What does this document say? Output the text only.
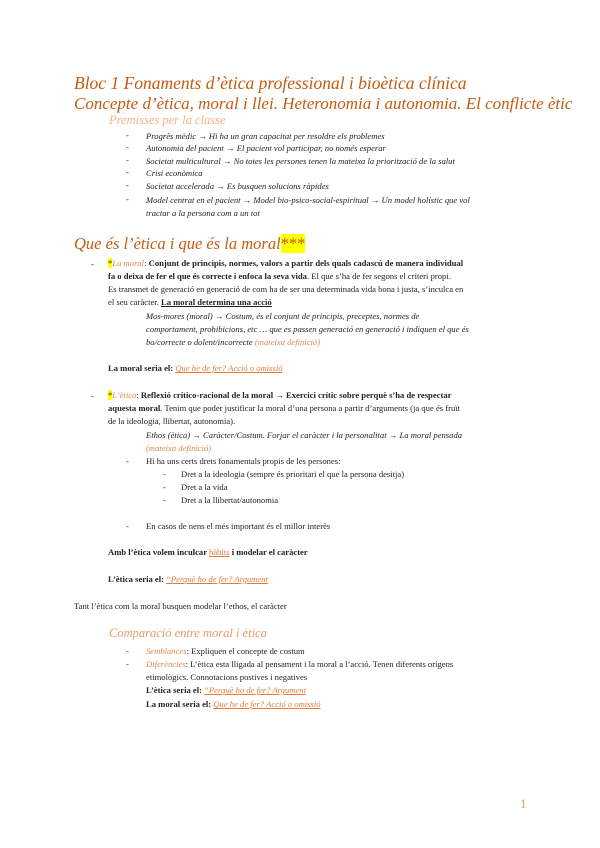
Bloc 1 Fonaments d’ètica professional i bioètica clínica
Concepte d’ètica, moral i llei. Heteronomia i autonomia. El conflicte ètic
Premisses per la classe
- Progrès mèdic → Hi ha un gran capacitat per resoldre els problemes
- Autonomia del pacient → El pacient vol participar, no només esperar
- Societat multicultural → No totes les persones tenen la mateixa la priorització de la salut
- Crisi econòmica
- Societat accelerada → Es busquen solucions ràpides
- Model centrat en el pacient → Model bio-psico-social-espiritual → Un model holístic que vol
tractar a la persona com a un tot
Que és l’ètica i que és la moral***
- *La moral: Conjunt de principis, normes, valors a partir dels quals cadascú de manera individual
fa o deixa de fer el que és correcte i enfoca la seva vida. El que s’ha de fer segons el criteri propi.
Es transmet de generació en generació de com ha de ser una determinada vida bona i justa, s’inculca en
el seu caràcter. La moral determina una acció
Mos-mores (moral) → Costum, és el conjunt de principis, preceptes, normes de
comportament, prohibicions, etc … que es passen generació en generació i indiquen el que és
bo/correcte o dolent/incorrecte (mateixa definició)
La moral seria el: Que he de fer? Acció o omissió
- *L’ètica: Reflexió crítico-racional de la moral → Exercici crític sobre perquè s’ha de respectar
aquesta moral. Tenim que poder justificar la moral d’una persona a partir d’arguments (ja que és fruït
de la ideologia, llibertat, autonomia).
Ethos (ètica) → Caràcter/Costum. Forjar el caràcter i la personalitat → La moral pensada
(mateixa definició)
- Hi ha uns certs drets fonamentals propis de les persones:
- Dret a la ideologia (sempre és prioritari el que la persona desitja)
- Dret a la vida
- Dret a la llibertat/autonomia
- En casos de nens el més important és el millor interès
Amb l’ètica volem inculcar hàbits i modelar el caràcter
L’ètica seria el: “Perquè ho de fer? Argument
Tant l’ètica com la moral busquen modelar l’ethos, el caràcter
Comparació entre moral i ètica
- Semblances: Expliquen el concepte de costum
- Diferències: L’ètica esta lligada al pensament i la moral a l’acció. Tenen diferents orígens
etimològics. Connotacions postives i negatives
L’ètica seria el: “Perquè ho de fer? Argument
La moral seria el: Que he de fer? Acció o omissió
1
